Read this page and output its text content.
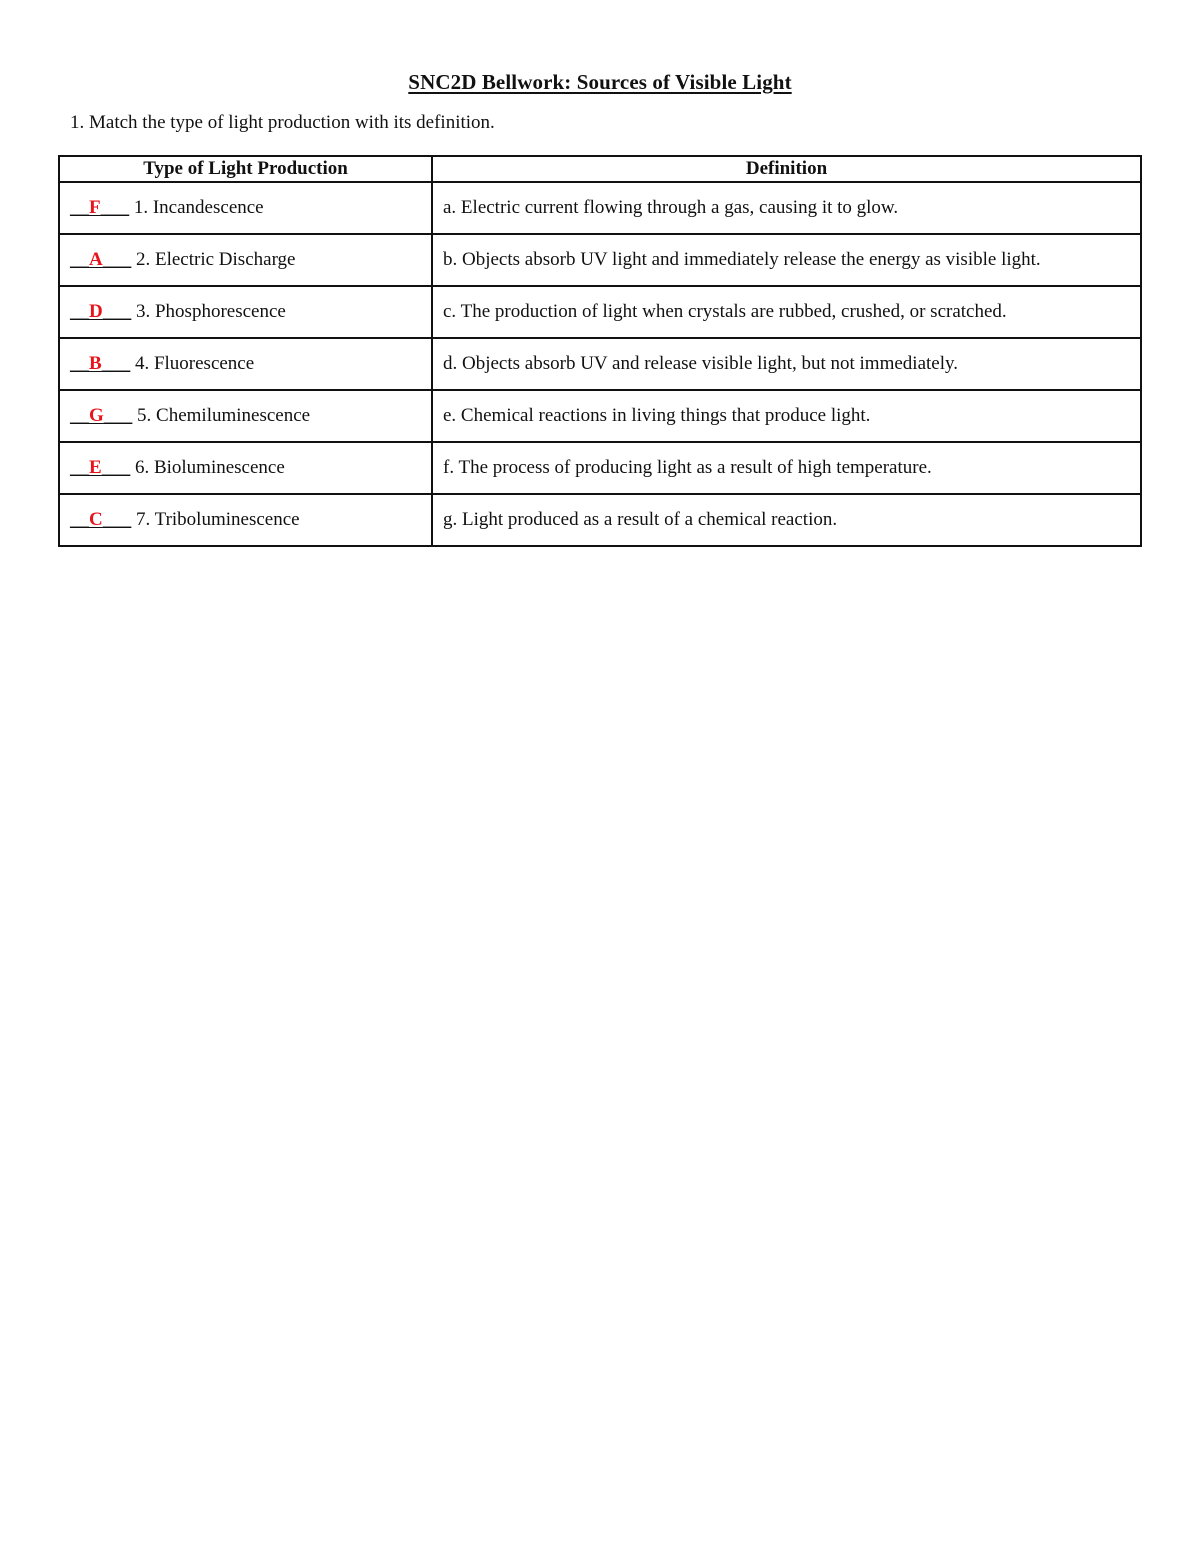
SNC2D Bellwork: Sources of Visible Light
1. Match the type of light production with its definition.
Type of Light Production	Definition
__F___ 1. Incandescence	a. Electric current flowing through a gas, causing it to glow.
__A___ 2. Electric Discharge	b. Objects absorb UV light and immediately release the energy as visible light.
__D___ 3. Phosphorescence	c. The production of light when crystals are rubbed, crushed, or scratched.
__B___ 4. Fluorescence	d. Objects absorb UV and release visible light, but not immediately.
__G___ 5. Chemiluminescence	e. Chemical reactions in living things that produce light.
__E___ 6. Bioluminescence	f. The process of producing light as a result of high temperature.
__C___ 7. Triboluminescence	g. Light produced as a result of a chemical reaction.
